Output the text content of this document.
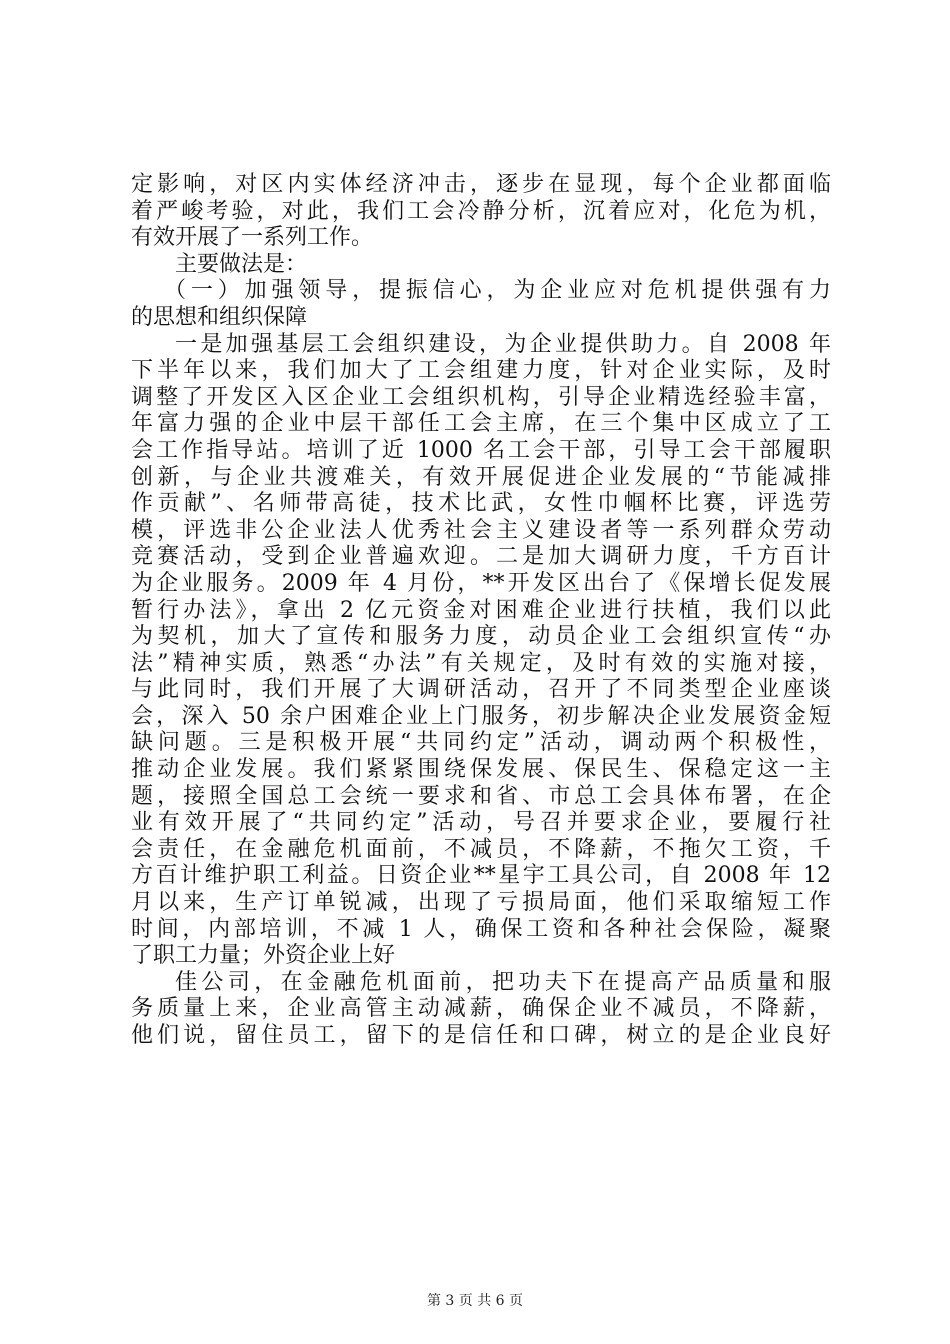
定影响，对区内实体经济冲击，逐步在显现，每个企业都面临
着严峻考验，对此，我们工会冷静分析，沉着应对，化危为机，
有效开展了一系列工作。
主要做法是：
（一）加强领导，提振信心，为企业应对危机提供强有力
的思想和组织保障
一是加强基层工会组织建设，为企业提供助力。自 2008 年
下半年以来，我们加大了工会组建力度，针对企业实际，及时
调整了开发区入区企业工会组织机构，引导企业精选经验丰富，
年富力强的企业中层干部任工会主席，在三个集中区成立了工
会工作指导站。培训了近 1000 名工会干部，引导工会干部履职
创新，与企业共渡难关，有效开展促进企业发展的“节能减排
作贡献”、名师带高徒，技术比武，女性巾帼杯比赛，评选劳
模，评选非公企业法人优秀社会主义建设者等一系列群众劳动
竞赛活动，受到企业普遍欢迎。二是加大调研力度，千方百计
为企业服务。2009 年 4 月份，**开发区出台了《保增长促发展
暂行办法》，拿出 2 亿元资金对困难企业进行扶植，我们以此
为契机，加大了宣传和服务力度，动员企业工会组织宣传“办
法”精神实质，熟悉“办法”有关规定，及时有效的实施对接，
与此同时，我们开展了大调研活动，召开了不同类型企业座谈
会，深入 50 余户困难企业上门服务，初步解决企业发展资金短
缺问题。三是积极开展“共同约定”活动，调动两个积极性，
推动企业发展。我们紧紧围绕保发展、保民生、保稳定这一主
题，接照全国总工会统一要求和省、市总工会具体布署，在企
业有效开展了“共同约定”活动，号召并要求企业，要履行社
会责任，在金融危机面前，不减员，不降薪，不拖欠工资，千
方百计维护职工利益。日资企业**星宇工具公司，自 2008 年 12
月以来，生产订单锐减，出现了亏损局面，他们采取缩短工作
时间，内部培训，不减 1 人，确保工资和各种社会保险，凝聚
了职工力量；外资企业上好
佳公司，在金融危机面前，把功夫下在提高产品质量和服
务质量上来，企业高管主动减薪，确保企业不减员，不降薪，
他们说，留住员工，留下的是信任和口碑，树立的是企业良好
第 3 页 共 6 页
